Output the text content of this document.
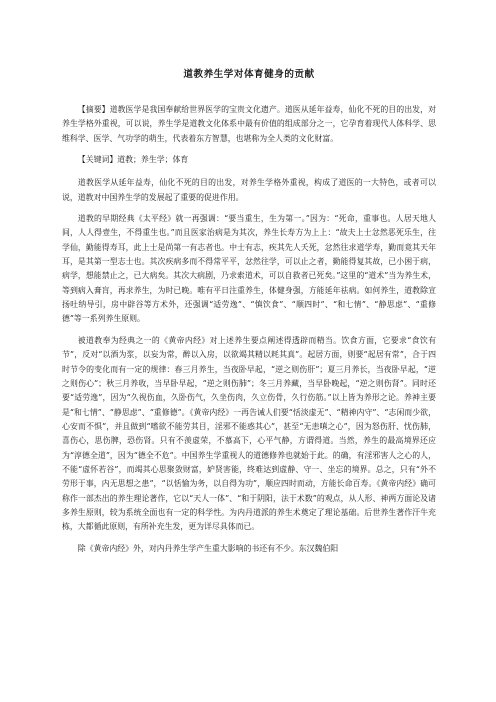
道教养生学对体育健身的贡献

【摘要】道教医学是我国奉献给世界医学的宝贵文化遗产。道医从延年益寿，仙化不死的目的出发，对养生学格外重视，可以说，养生学是道教文化体系中最有价值的组成部分之一，它孕育着现代人体科学、思维科学、医学、气功学的萌生，代表着东方智慧，也堪称为全人类的文化财富。

【关键词】道教；养生学；体育

道教医学从延年益寿，仙化不死的目的出发，对养生学格外重视，构成了道医的一大特色，或者可以说，道教对中国养生学的发展起了重要的促进作用。

道教的早期经典《太平经》就一再强调：“要当重生，生为第一。”因为：“死命，重事也。人居天地人间，人人得壹生，不得重生也。”而且医家治病是为其次，养生长寿方为上上：“故夫上士忿然恶死乐生，往学仙，勤能得寿耳，此上士是尚第一有志者也。中士有志，疾其先人夭死，忿然往求道学寿，勤而竟其天年耳，是其第一型志士也。其次疾病多而不得常平平，忿然往学，可以止之者，勤能得复其故，已小困于病，病学，想能禁止之，已大病矣。其次大病剧，乃求索道术，可以自救者已死矣。”这里的“道术”当为养生术，等到病入膏肓，再求养生，为时已晚。唯有平日注重养生，体健身强，方能延年祛病。如何养生，道教除宣扬吐纳导引，房中辟谷等方术外，还强调“适劳逸”、“慎饮食”、“顺四时”、“和七情”、“静思虑”、“重修德”等一系列养生原则。

被道教奉为经典之一的《黄帝内经》对上述养生要点阐述得透辟而精当。饮食方面，它要求“食饮有节”，反对“以酒为浆，以妄为常，醉以入房，以欲竭其精以耗其真”。起居方面，则要“起居有常”，合于四时节令的变化而有一定的规律：春三月养生，当夜卧早起，“逆之则伤肝”；夏三月养长，当夜卧早起，“逆之则伤心”；秋三月养收，当早卧早起，“逆之则伤肺”；冬三月养藏，当早卧晚起，“逆之则伤肾”。同时还要“适劳逸”，因为“久视伤血，久卧伤气，久坐伤肉，久立伤骨，久行伤筋。”以上皆为养形之论。养神主要是“和七情”、“静思虑”、“重修德”。《黄帝内经》一再告诫人们要“恬淡虚无”、“精神内守”、“志闲而少欲，心安而不惧”，并且做到“嗜欲不能劳其目，淫邪不能惑其心”，甚至“无恚嗔之心”，因为怒伤肝、忧伤肺，喜伤心，思伤脾，恐伤肾。只有不羡虚荣，不慕高下，心平气静，方谓得道。当然，养生的最高境界还应为“淳德全道”，因为“德全不危”。中国养生学重视人的道德修养也就始于此。的确，有淫邪害人之心的人，不能“虚怀若谷”，而竭其心思聚敛财富，妒贤害能，终难达到虚静、守一、坐忘的境界。总之，只有“外不劳形于事，内无思想之患”，“以恬愉为务，以自得为功”，顺应四时而动，方能长命百寿。《黄帝内经》确可称作一部杰出的养生理论著作，它以“天人一体”、“和于阴阳，法于术数”的观点，从人形、神两方面论及诸多养生原则，较为系统全面也有一定的科学性。为内丹道派的养生术奠定了理论基础。后世养生著作汗牛充栋，大都循此原则，有所补充生发，更为详尽具体而已。

除《黄帝内经》外，对内丹养生学产生重大影响的书还有不少。东汉魏伯阳
